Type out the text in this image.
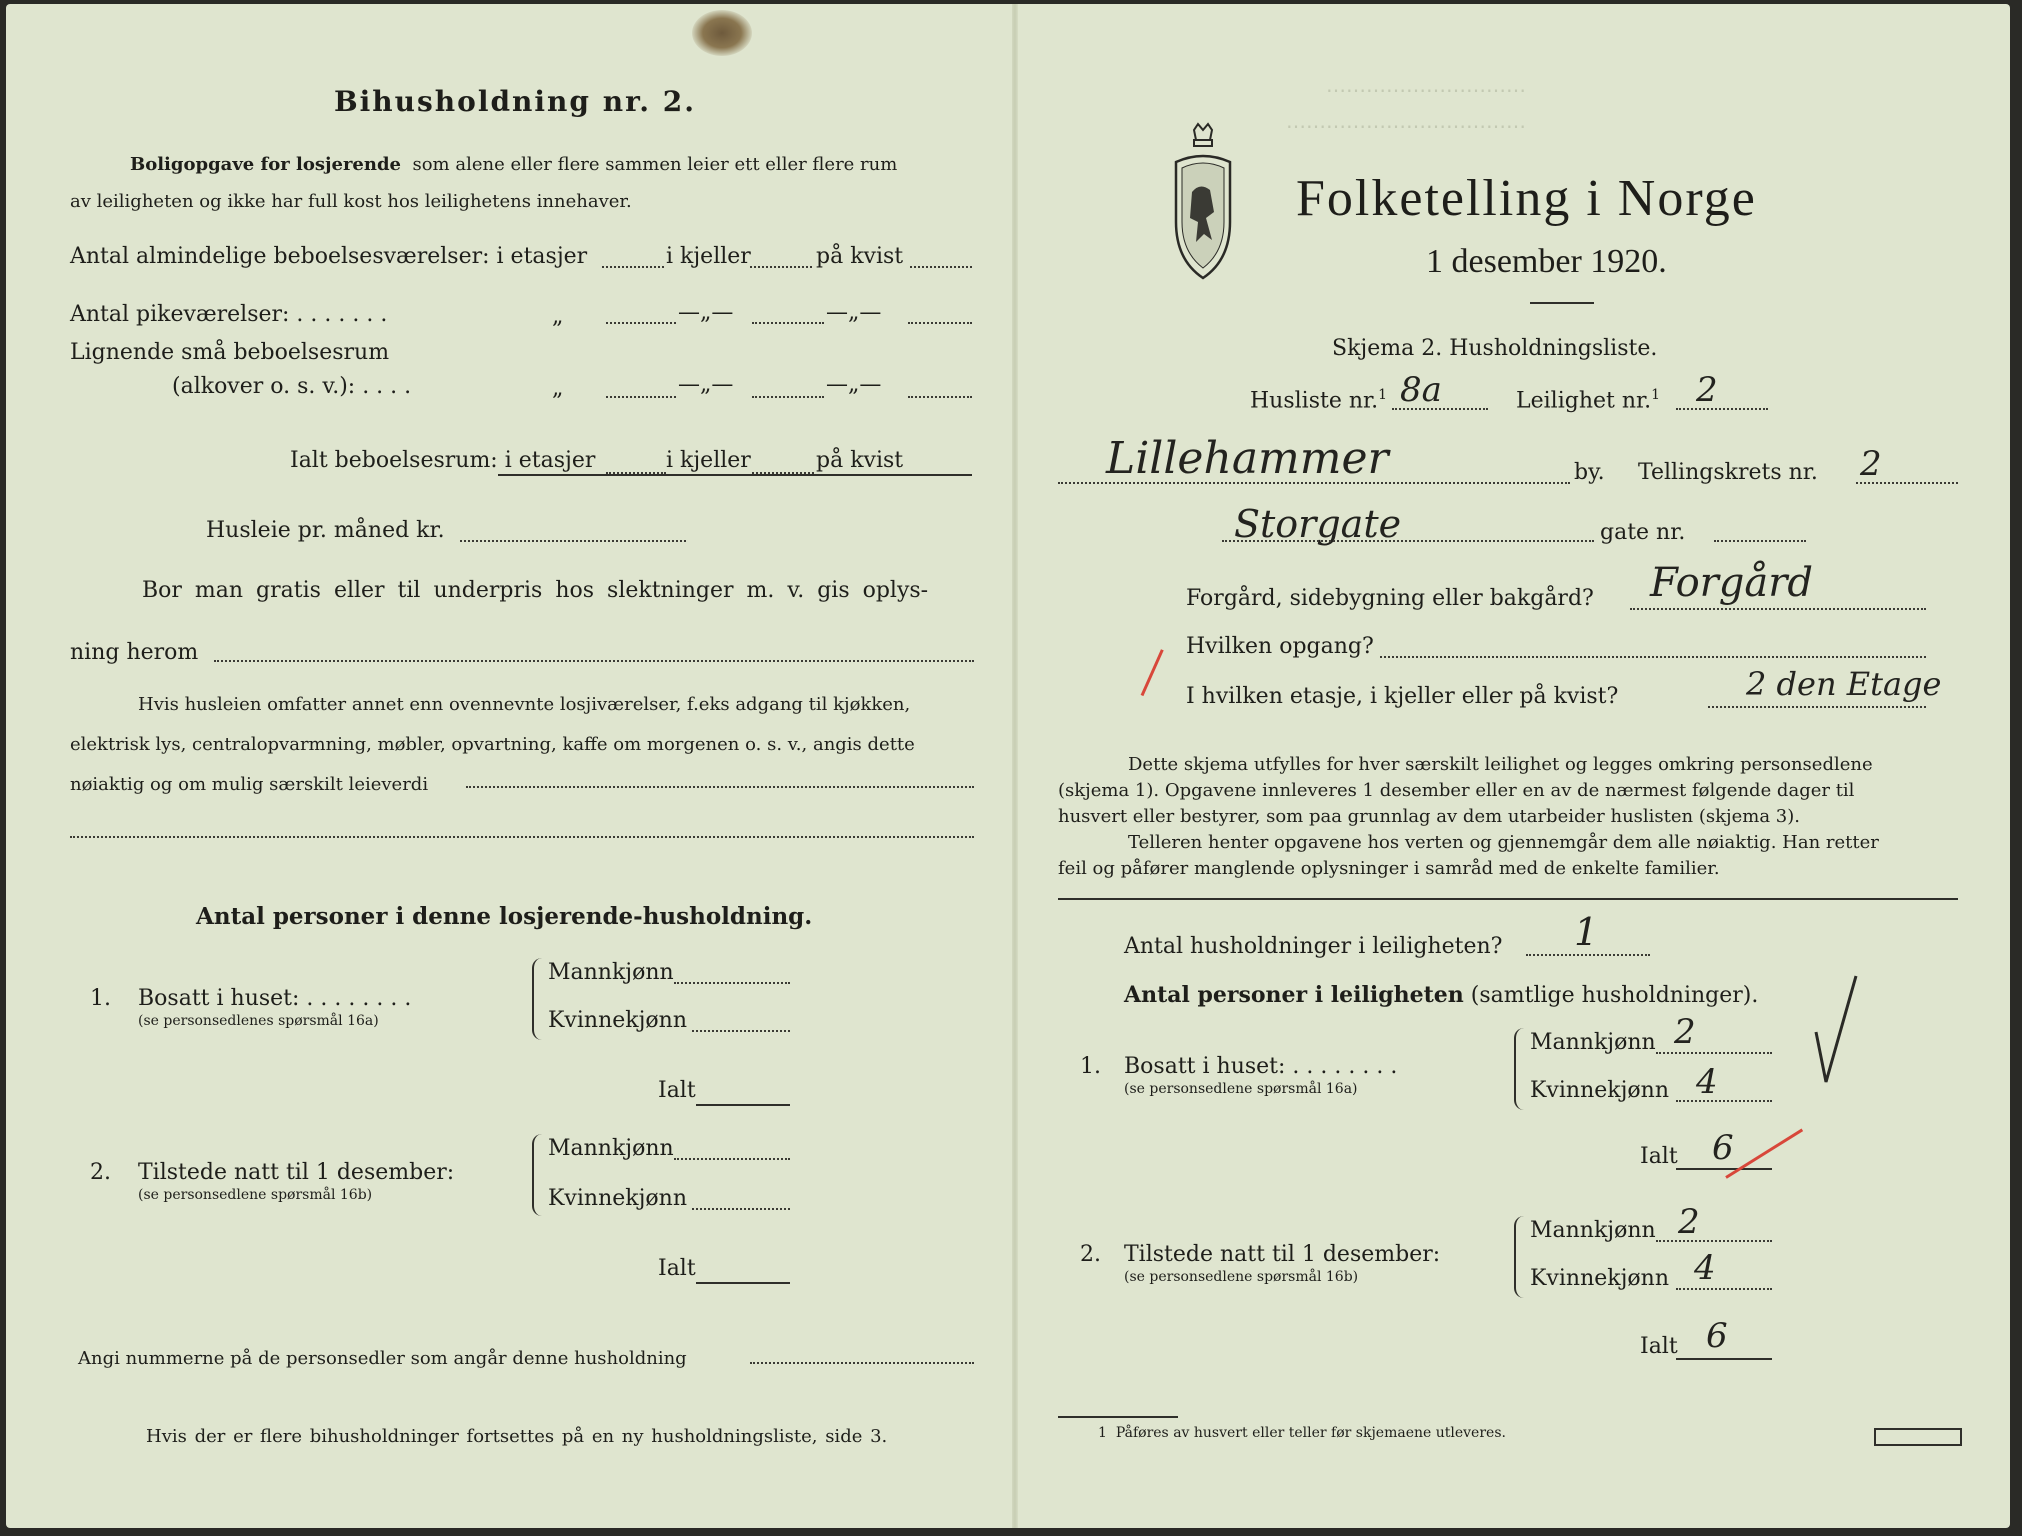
⋯⋯⋯⋯⋯⋯⋯⋯⋯⋯
⋯⋯⋯⋯⋯⋯⋯⋯⋯⋯⋯⋯
Bihusholdning nr. 2.
Boligopgave for losjerende som alene eller flere sammen leier ett eller flere rum
av leiligheten og ikke har full kost hos leilighetens innehaver.
Antal almindelige beboelsesværelser: i etasjer	i kjeller	på kvist
Antal pikeværelser: . . . . . . .	„	—„—	—„—
Lignende små beboelsesrum
(alkover o. s. v.): . . . .	„	—„—	—„—
Ialt beboelsesrum: i etasjer	i kjeller	på kvist
Husleie pr. måned kr.
Bor man gratis eller til underpris hos slektninger m. v. gis oplys-
ning herom
Hvis husleien omfatter annet enn ovennevnte losjiværelser, f.eks adgang til kjøkken,
elektrisk lys, centralopvarmning, møbler, opvartning, kaffe om morgenen o. s. v., angis dette
nøiaktig og om mulig særskilt leieverdi
Antal personer i denne losjerende-husholdning.
1. Bosatt i huset: . . . . . . . .
(se personsedlenes spørsmål 16a)
Mannkjønn
Kvinnekjønn
Ialt
2. Tilstede natt til 1 desember:
(se personsedlene spørsmål 16b)
Mannkjønn
Kvinnekjønn
Ialt
Angi nummerne på de personsedler som angår denne husholdning
Hvis der er flere bihusholdninger fortsettes på en ny husholdningsliste, side 3.
Folketelling i Norge
1 desember 1920.
Skjema 2. Husholdningsliste.
Husliste nr.$^1$ 8a	Leilighet nr.$^1$ 2
Lillehammer	by. Tellingskrets nr. 2
Storgate	gate nr.
Forgård, sidebygning eller bakgård? Forgård
Hvilken opgang?
I hvilken etasje, i kjeller eller på kvist?	2 den Etage
Dette skjema utfylles for hver særskilt leilighet og legges omkring personsedlene
(skjema 1). Opgavene innleveres 1 desember eller en av de nærmest følgende dager til
husvert eller bestyrer, som paa grunnlag av dem utarbeider huslisten (skjema 3).
Telleren henter opgavene hos verten og gjennemgår dem alle nøiaktig. Han retter
feil og påfører manglende oplysninger i samråd med de enkelte familier.
Antal husholdninger i leiligheten? 1
Antal personer i leiligheten (samtlige husholdninger).
1. Bosatt i huset: . . . . . . . .
(se personsedlene spørsmål 16a)
Mannkjønn 2
Kvinnekjønn 4
Ialt 6
2. Tilstede natt til 1 desember:
(se personsedlene spørsmål 16b)
Mannkjønn 2
Kvinnekjønn 4
Ialt 6
1 Påføres av husvert eller teller før skjemaene utleveres.
